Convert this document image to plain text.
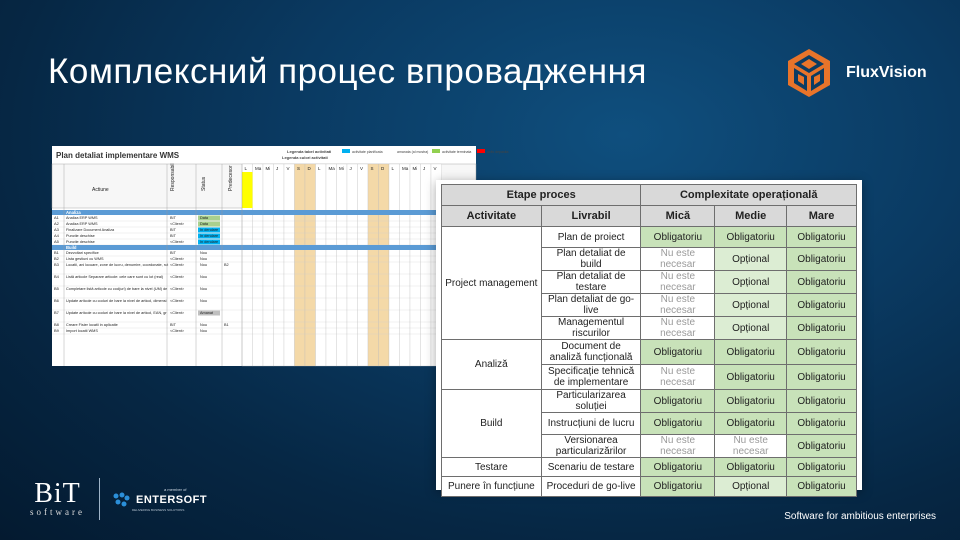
Комплексний процес впровадження	FluxVision
activitate planificata	amanata (al mostra)	activitate terminata	activ depasita
Actiune	Responsabil	Status	Predecesor L Ma Mi J V S D L Ma Mi J V S D L Ma Mi J V
Analiza
A1 Analiza ERP WMS	BIT	Data
A2 Analiza ERP WMS	<Client>	Data
A3 Finalizare Document Analiza	BIT	In derulare
A4 Punctie deschise	BIT	In derulare
A5 Punctie deschise	<Client>	In derulare
Build
B1 Dezvoltari specifice	BIT	Nou
B2 Lista gestiuni cu WMS	<Client>	Nou
B3 Locatii, ani locuare, zone de lucru, denumire, coordonate, rut <Client>	Nou	B2
B4 Listă articole Separare articole: cele care sunt cu lot (real) <Client>	Nou
B5 Completare listă articole cu cod(uri) de bare la nivel (UM) de <Client>	Nou
B6 Update articole cu coduri de bare la nivel de articol, dimensi <Client>	Nou
B7 Update articole cu coduri de bare la nivel de articol, EAN, gr <Client>	Amanat
B8 Creare Fisier locatii in aplicatie	BIT	Nou	B1
B9 Import locatii WMS	<Client>	Nou
Plan detaliat implementare WMS	Legenda tabel activitati
Legenda culori activitati
Etape proces		Complexitate operațională		
Activitate	Livrabil	Mică	Medie	Mare
Project management	Plan de proiect	Obligatoriu	Obligatoriu	Obligatoriu
	Plan detaliat de build	Nu este necesar	Opțional	Obligatoriu
	Plan detaliat de testare	Nu este necesar	Opțional	Obligatoriu
	Plan detaliat de go-live	Nu este necesar	Opțional	Obligatoriu
	Managementul riscurilor	Nu este necesar	Opțional	Obligatoriu
Analiză	Document de analiză funcțională	Obligatoriu	Obligatoriu	Obligatoriu
	Specificație tehnică de implementare	Nu este necesar	Obligatoriu	Obligatoriu
Build	Particularizarea soluției	Obligatoriu	Obligatoriu	Obligatoriu
	Instrucțiuni de lucru	Obligatoriu	Obligatoriu	Obligatoriu
	Versionarea particularizărilor	Nu este necesar	Nu este necesar	Obligatoriu
Testare	Scenariu de testare	Obligatoriu	Obligatoriu	Obligatoriu
Punere în funcțiune	Proceduri de go-live	Obligatoriu	Opțional	Obligatoriu
BiT
software
a member of
ENTERSOFT
DELIVERING BUSINESS SOLUTIONS
Software for ambitious enterprises
